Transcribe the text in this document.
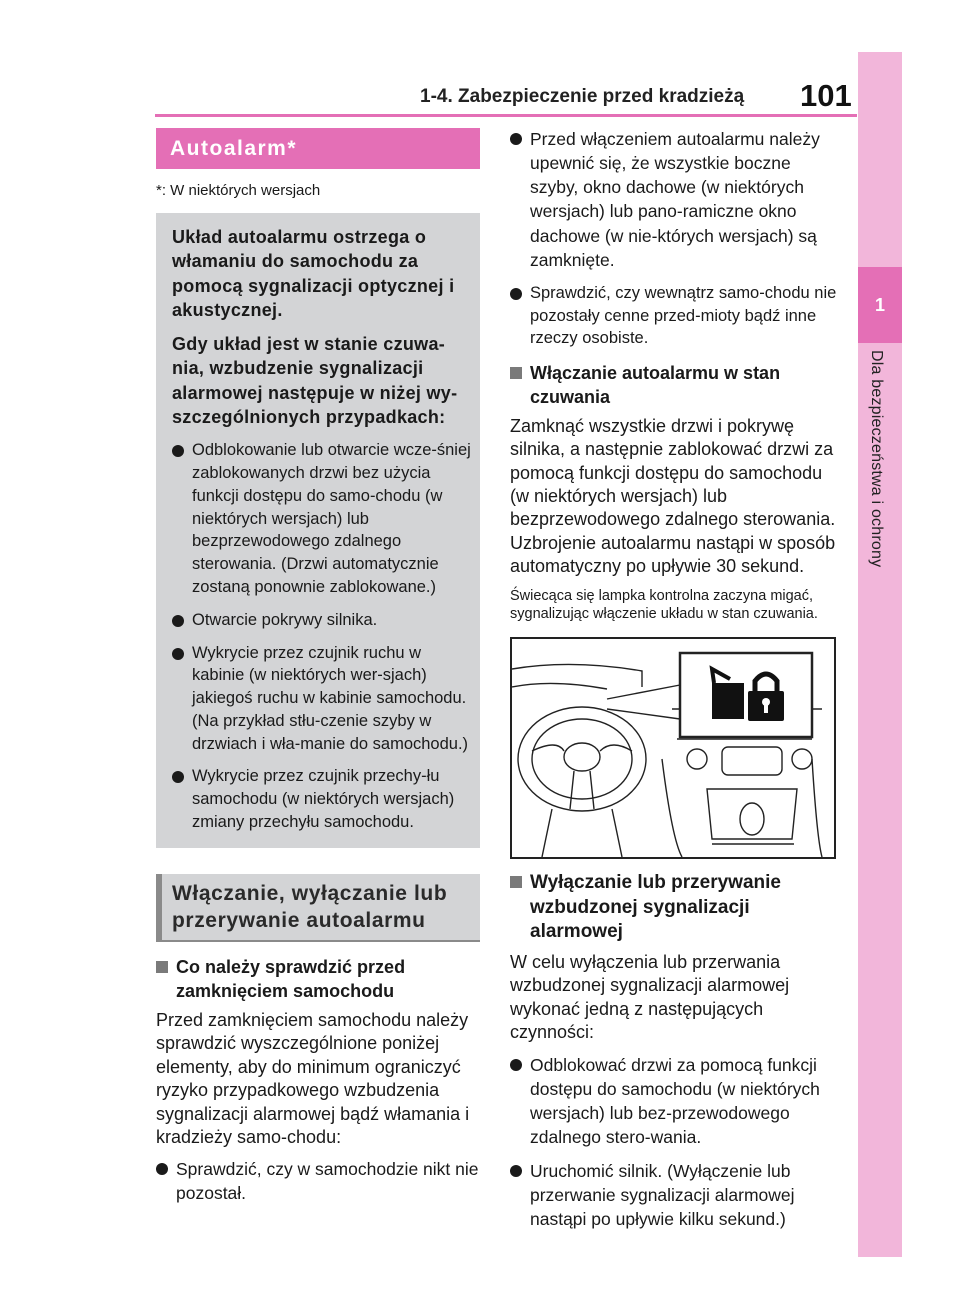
1-4. Zabezpieczenie przed kradzieżą 101
1
Dla bezpieczeństwa i ochrony
Autoalarm*
*: W niektórych wersjach

Układ autoalarmu ostrzega o włamaniu do samochodu za pomocą sygnalizacji optycznej i akustycznej.

Gdy układ jest w stanie czuwa-nia, wzbudzenie sygnalizacji alarmowej następuje w niżej wy-szczególnionych przypadkach:

Odblokowanie lub otwarcie wcze-śniej zablokowanych drzwi bez użycia funkcji dostępu do samo-chodu (w niektórych wersjach) lub bezprzewodowego zdalnego sterowania. (Drzwi automatycznie zostaną ponownie zablokowane.)
Otwarcie pokrywy silnika.
Wykrycie przez czujnik ruchu w kabinie (w niektórych wer-sjach) jakiegoś ruchu w kabinie samochodu. (Na przykład stłu-czenie szyby w drzwiach i wła-manie do samochodu.)
Wykrycie przez czujnik przechy-łu samochodu (w niektórych wersjach) zmiany przechyłu samochodu.
Włączanie, wyłączanie lub przerywanie autoalarmu
Co należy sprawdzić przed zamknięciem samochodu

Przed zamknięciem samochodu należy sprawdzić wyszczególnione poniżej elementy, aby do minimum ograniczyć ryzyko przypadkowego wzbudzenia sygnalizacji alarmowej bądź włamania i kradzieży samo-chodu:

Sprawdzić, czy w samochodzie nikt nie pozostał.
Przed włączeniem autoalarmu należy upewnić się, że wszystkie boczne szyby, okno dachowe (w niektórych wersjach) lub pano-ramiczne okno dachowe (w nie-których wersjach) są zamknięte.
Sprawdzić, czy wewnątrz samo-chodu nie pozostały cenne przed-mioty bądź inne rzeczy osobiste.
Włączanie autoalarmu w stan czuwania

Zamknąć wszystkie drzwi i pokrywę silnika, a następnie zablokować drzwi za pomocą funkcji dostępu do samochodu (w niektórych wersjach) lub bezprzewodowego zdalnego sterowania. Uzbrojenie autoalarmu nastąpi w sposób automatyczny po upływie 30 sekund.

Świecąca się lampka kontrolna zaczyna migać, sygnalizując włączenie układu w stan czuwania.

Wyłączanie lub przerywanie wzbudzonej sygnalizacji alarmowej

W celu wyłączenia lub przerwania wzbudzonej sygnalizacji alarmowej wykonać jedną z następujących czynności:

Odblokować drzwi za pomocą funkcji dostępu do samochodu (w niektórych wersjach) lub bez-przewodowego zdalnego stero-wania.
Uruchomić silnik. (Wyłączenie lub przerwanie sygnalizacji alarmowej nastąpi po upływie kilku sekund.)
